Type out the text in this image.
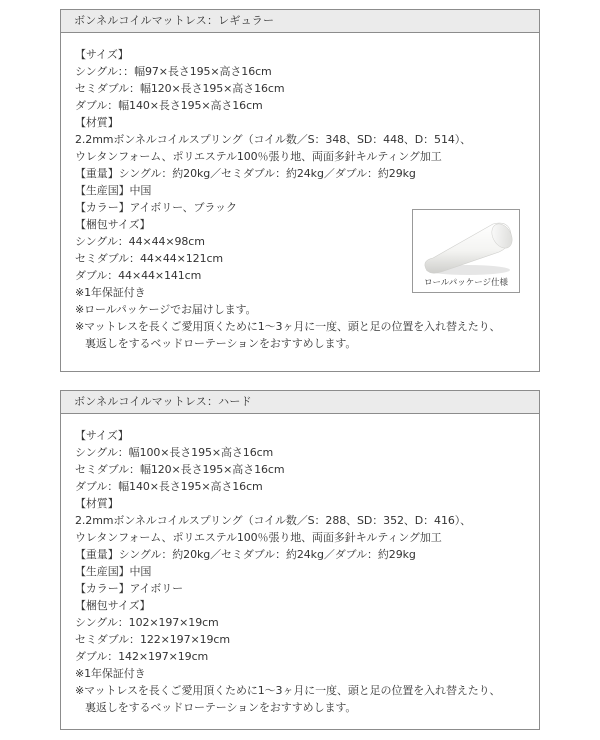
ボンネルコイルマットレス：レギュラー
【サイズ】
シングル：：幅97×長さ195×高さ16cm
セミダブル：幅120×長さ195×高さ16cm
ダブル：幅140×長さ195×高さ16cm
【材質】
2.2mmボンネルコイルスプリング（コイル数／S：348、SD：448、D：514）、
ウレタンフォーム、ポリエステル100％張り地、両面多針キルティング加工
【重量】シングル：約20kg／セミダブル：約24kg／ダブル：約29kg
【生産国】中国
【カラー】アイボリー、ブラック
【梱包サイズ】
シングル：44×44×98cm
セミダブル：44×44×121cm
ダブル：44×44×141cm
※1年保証付き
※ロールパッケージでお届けします。
※マットレスを長くご愛用頂くために1～3ヶ月に一度、頭と足の位置を入れ替えたり、
裏返しをするベッドローテーションをおすすめします。
ロールパッケージ仕様
ボンネルコイルマットレス：ハード
【サイズ】
シングル：幅100×長さ195×高さ16cm
セミダブル：幅120×長さ195×高さ16cm
ダブル：幅140×長さ195×高さ16cm
【材質】
2.2mmボンネルコイルスプリング（コイル数／S：288、SD：352、D：416）、
ウレタンフォーム、ポリエステル100％張り地、両面多針キルティング加工
【重量】シングル：約20kg／セミダブル：約24kg／ダブル：約29kg
【生産国】中国
【カラー】アイボリー
【梱包サイズ】
シングル：102×197×19cm
セミダブル：122×197×19cm
ダブル：142×197×19cm
※1年保証付き
※マットレスを長くご愛用頂くために1～3ヶ月に一度、頭と足の位置を入れ替えたり、
裏返しをするベッドローテーションをおすすめします。
